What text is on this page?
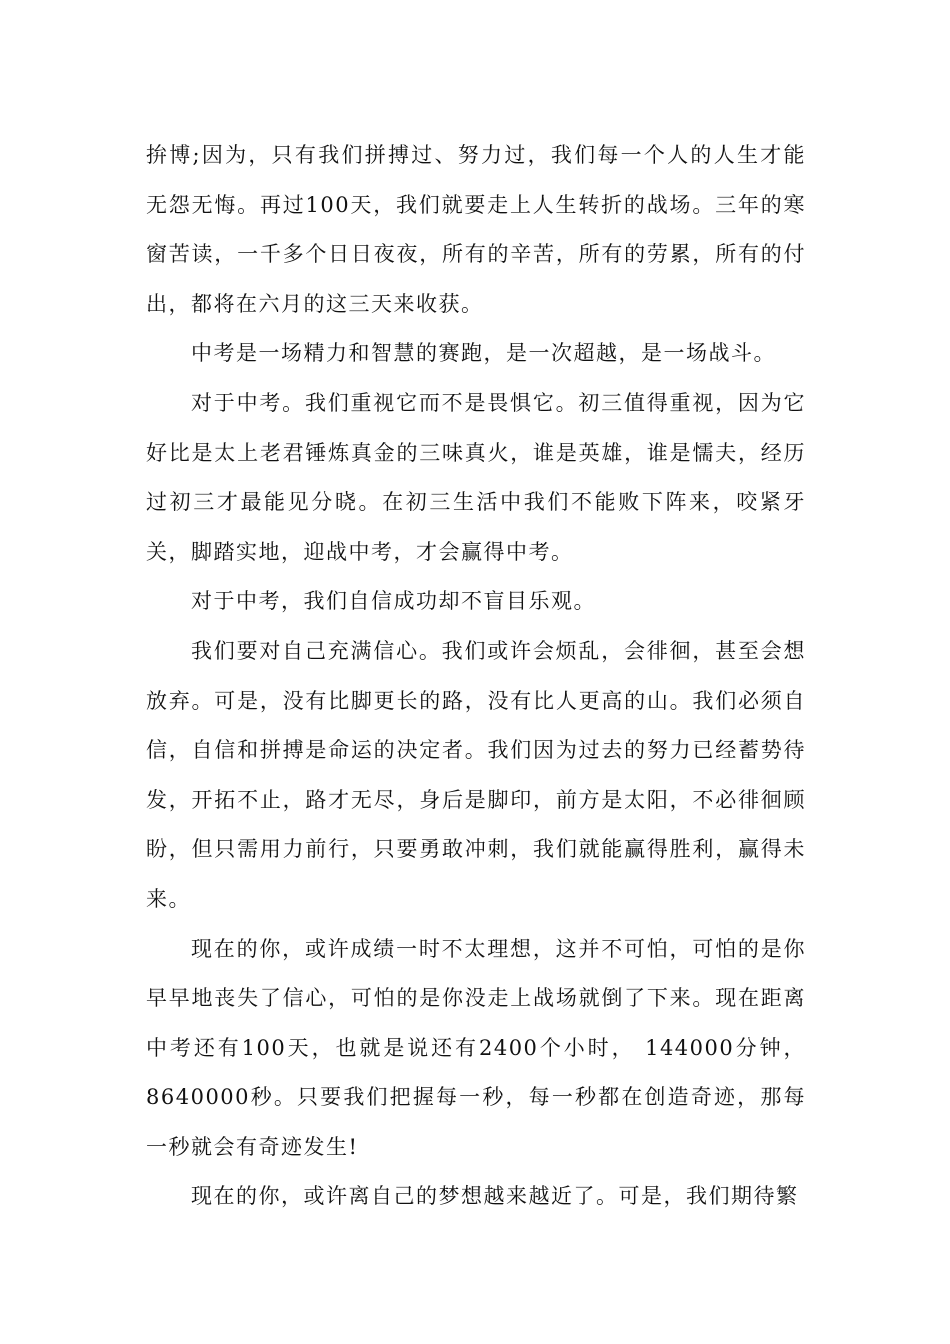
拚博;因为，只有我们拼搏过、努力过，我们每一个人的人生才能无怨无悔。再过100天，我们就要走上人生转折的战场。三年的寒窗苦读，一千多个日日夜夜，所有的辛苦，所有的劳累，所有的付出，都将在六月的这三天来收获。

中考是一场精力和智慧的赛跑，是一次超越，是一场战斗。

对于中考。我们重视它而不是畏惧它。初三值得重视，因为它好比是太上老君锤炼真金的三味真火，谁是英雄，谁是懦夫，经历过初三才最能见分晓。在初三生活中我们不能败下阵来，咬紧牙关，脚踏实地，迎战中考，才会赢得中考。

对于中考，我们自信成功却不盲目乐观。

我们要对自己充满信心。我们或许会烦乱，会徘徊，甚至会想放弃。可是，没有比脚更长的路，没有比人更高的山。我们必须自信，自信和拼搏是命运的决定者。我们因为过去的努力已经蓄势待发，开拓不止，路才无尽，身后是脚印，前方是太阳，不必徘徊顾盼，但只需用力前行，只要勇敢冲刺，我们就能赢得胜利，赢得未来。

现在的你，或许成绩一时不太理想，这并不可怕，可怕的是你早早地丧失了信心，可怕的是你没走上战场就倒了下来。现在距离中考还有100天，也就是说还有2400个小时， 144000分钟，8640000秒。只要我们把握每一秒，每一秒都在创造奇迹，那每一秒就会有奇迹发生!

现在的你，或许离自己的梦想越来越近了。可是，我们期待繁
